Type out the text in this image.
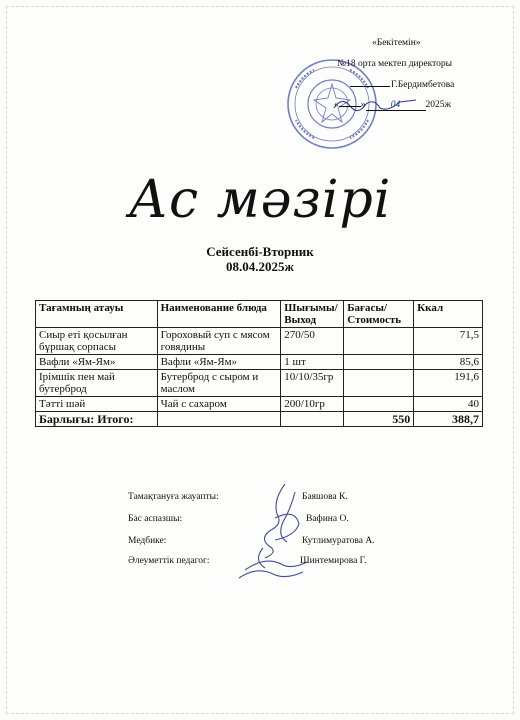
«Бекітемін»
№18 орта мектеп директоры
Г.Бердимбетова
« »	04	2025ж
Ас мәзірі
Сейсенбі-Вторник
08.04.2025ж
Тағамның атауы	Наименование блюда	Шығымы/ Выход	Бағасы/ Стоимость	Ккал
Сиыр еті қосылған бұршақ сорпасы	Гороховый суп с мясом говядины	270/50		71,5
Вафли «Ям-Ям»	Вафли «Ям-Ям»	1 шт		85,6
Ірімшік пен май бутерброд	Бутерброд с сыром и маслом	10/10/35гр		191,6
Тәтті шәй	Чай с сахаром	200/10гр		40
Барлығы: Итого:			550	388,7
Тамақтануға жауапты:	Баяшова К.
Бас аспазшы:	Вафина О.
Медбике:	Кутлимуратова А.
Әлеуметтік педагог:	Шинтемирова Г.
